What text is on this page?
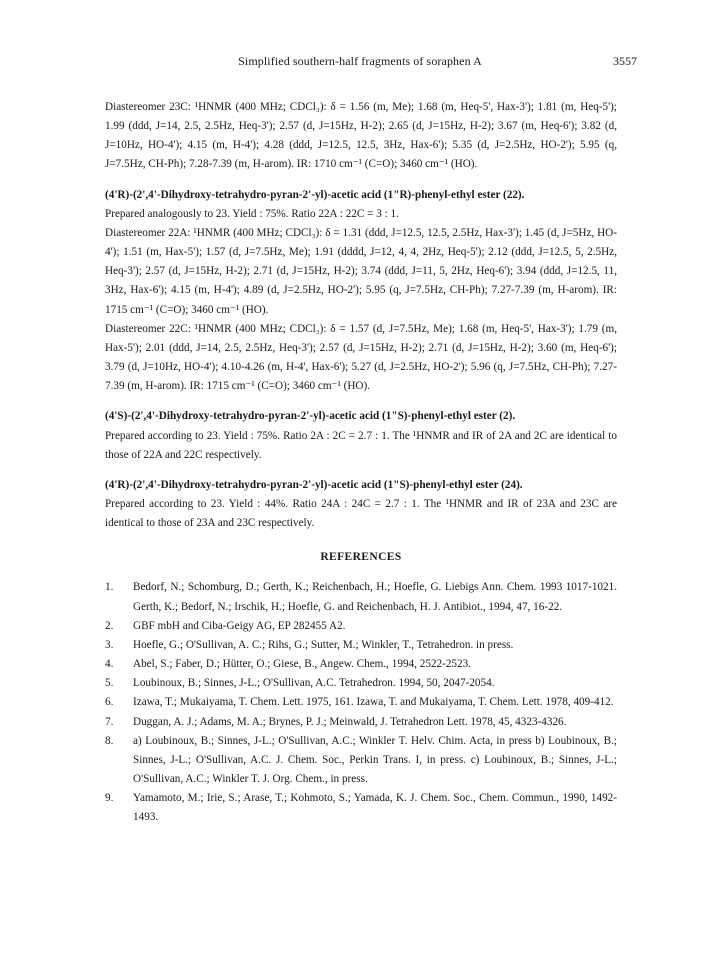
Simplified southern-half fragments of soraphen A	3557

Diastereomer 23C: ¹HNMR (400 MHz; CDCl₃): δ = 1.56 (m, Me); 1.68 (m, Heq-5', Hax-3'); 1.81 (m, Heq-5'); 1.99 (ddd, J=14, 2.5, 2.5Hz, Heq-3'); 2.57 (d, J=15Hz, H-2); 2.65 (d, J=15Hz, H-2); 3.67 (m, Heq-6'); 3.82 (d, J=10Hz, HO-4'); 4.15 (m, H-4'); 4.28 (ddd, J=12.5, 12.5, 3Hz, Hax-6'); 5.35 (d, J=2.5Hz, HO-2'); 5.95 (q, J=7.5Hz, CH-Ph); 7.28-7.39 (m, H-arom). IR: 1710 cm⁻¹ (C=O); 3460 cm⁻¹ (HO).

(4'R)-(2',4'-Dihydroxy-tetrahydro-pyran-2'-yl)-acetic acid (1"R)-phenyl-ethyl ester (22).

Prepared analogously to 23. Yield : 75%. Ratio 22A : 22C = 3 : 1.

Diastereomer 22A: ¹HNMR (400 MHz; CDCl₃): δ = 1.31 (ddd, J=12.5, 12.5, 2.5Hz, Hax-3'); 1.45 (d, J=5Hz, HO-4'); 1.51 (m, Hax-5'); 1.57 (d, J=7.5Hz, Me); 1.91 (dddd, J=12, 4, 4, 2Hz, Heq-5'); 2.12 (ddd, J=12.5, 5, 2.5Hz, Heq-3'); 2.57 (d, J=15Hz, H-2); 2.71 (d, J=15Hz, H-2); 3.74 (ddd, J=11, 5, 2Hz, Heq-6'); 3.94 (ddd, J=12.5, 11, 3Hz, Hax-6'); 4.15 (m, H-4'); 4.89 (d, J=2.5Hz, HO-2'); 5.95 (q, J=7.5Hz, CH-Ph); 7.27-7.39 (m, H-arom). IR: 1715 cm⁻¹ (C=O); 3460 cm⁻¹ (HO).

Diastereomer 22C: ¹HNMR (400 MHz; CDCl₃): δ = 1.57 (d, J=7.5Hz, Me); 1.68 (m, Heq-5', Hax-3'); 1.79 (m, Hax-5'); 2.01 (ddd, J=14, 2.5, 2.5Hz, Heq-3'); 2.57 (d, J=15Hz, H-2); 2.71 (d, J=15Hz, H-2); 3.60 (m, Heq-6'); 3.79 (d, J=10Hz, HO-4'); 4.10-4.26 (m, H-4', Hax-6'); 5.27 (d, J=2.5Hz, HO-2'); 5.96 (q, J=7.5Hz, CH-Ph); 7.27-7.39 (m, H-arom). IR: 1715 cm⁻¹ (C=O); 3460 cm⁻¹ (HO).

(4'S)-(2',4'-Dihydroxy-tetrahydro-pyran-2'-yl)-acetic acid (1"S)-phenyl-ethyl ester (2).

Prepared according to 23. Yield : 75%. Ratio 2A : 2C = 2.7 : 1. The ¹HNMR and IR of 2A and 2C are identical to those of 22A and 22C respectively.

(4'R)-(2',4'-Dihydroxy-tetrahydro-pyran-2'-yl)-acetic acid (1"S)-phenyl-ethyl ester (24).

Prepared according to 23. Yield : 44%. Ratio 24A : 24C = 2.7 : 1. The ¹HNMR and IR of 23A and 23C are identical to those of 23A and 23C respectively.

REFERENCES

1.	Bedorf, N.; Schomburg, D.; Gerth, K.; Reichenbach, H.; Hoefle, G. Liebigs Ann. Chem. 1993 1017-1021. Gerth, K.; Bedorf, N.; Irschik, H.; Hoefle, G. and Reichenbach, H. J. Antibiot., 1994, 47, 16-22.
2.	GBF mbH and Ciba-Geigy AG, EP 282455 A2.
3.	Hoefle, G.; O'Sullivan, A. C.; Rihs, G.; Sutter, M.; Winkler, T., Tetrahedron. in press.
4.	Abel, S.; Faber, D.; Hütter, O.; Giese, B., Angew. Chem., 1994, 2522-2523.
5.	Loubinoux, B.; Sinnes, J-L.; O'Sullivan, A.C. Tetrahedron. 1994, 50, 2047-2054.
6.	Izawa, T.; Mukaiyama, T. Chem. Lett. 1975, 161. Izawa, T. and Mukaiyama, T. Chem. Lett. 1978, 409-412.
7.	Duggan, A. J.; Adams, M. A.; Brynes, P. J.; Meinwald, J. Tetrahedron Lett. 1978, 45, 4323-4326.
8.	a) Loubinoux, B.; Sinnes, J-L.; O'Sullivan, A.C.; Winkler T. Helv. Chim. Acta, in press b) Loubinoux, B.; Sinnes, J-L.; O'Sullivan, A.C. J. Chem. Soc., Perkin Trans. I, in press. c) Loubinoux, B.; Sinnes, J-L.; O'Sullivan, A.C.; Winkler T. J. Org. Chem., in press.
9.	Yamamoto, M.; Irie, S.; Arase, T.; Kohmoto, S.; Yamada, K. J. Chem. Soc., Chem. Commun., 1990, 1492-1493.
